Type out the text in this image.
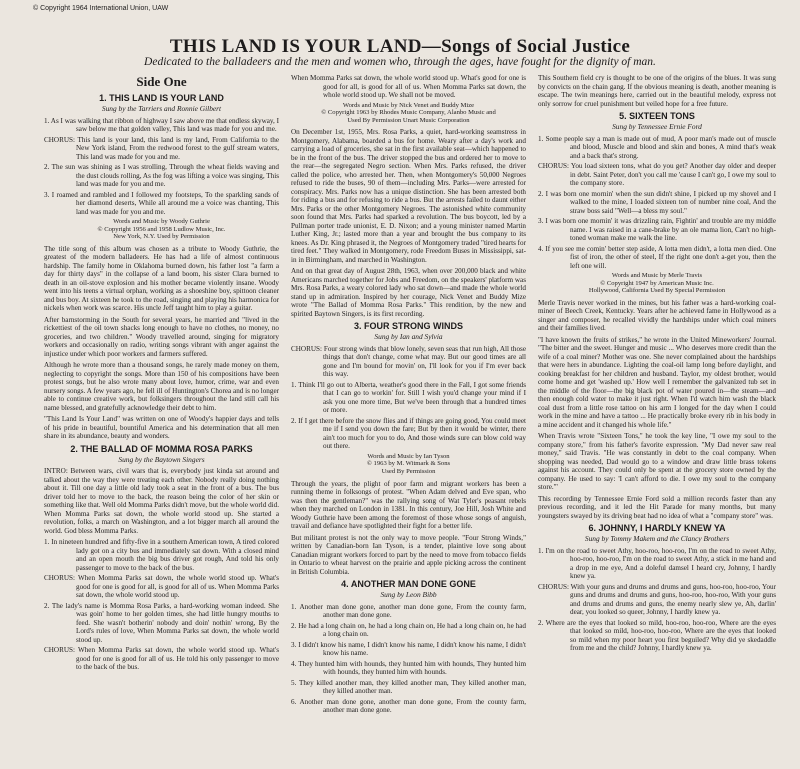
© Copyright 1964 International Union, UAW
THIS LAND IS YOUR LAND—Songs of Social Justice
Dedicated to the balladeers and the men and women who, through the ages, have fought for the dignity of man.
Side One
1. THIS LAND IS YOUR LAND
Sung by the Tarriers and Ronnie Gilbert

1. As I was walking that ribbon of highway I saw above me that endless skyway, I saw below me that golden valley, This land was made for you and me.

CHORUS: This land is your land, this land is my land, From California to the New York island, From the redwood forest to the gulf stream waters, This land was made for you and me.

2. The sun was shining as I was strolling, Through the wheat fields waving and the dust clouds rolling, As the fog was lifting a voice was singing, This land was made for you and me.

3. I roamed and rambled and I followed my footsteps, To the sparkling sands of her diamond deserts, While all around me a voice was chanting, This land was made for you and me.

Words and Music by Woody Guthrie
© Copyright 1956 and 1958 Ludlow Music, Inc.
New York, N.Y. Used by Permission

The title song of this album was chosen as a tribute to Woody Guthrie, the greatest of the modern balladeers. He has had a life of almost continuous hardship. The family home in Oklahoma burned down, his father lost "a farm a day for thirty days" in the collapse of a land boom, his sister Clara burned to death in an oil-stove explosion and his mother became violently insane. Woody went into his teens a virtual orphan, working as a shoeshine boy, spittoon cleaner and bus boy. At sixteen he took to the road, singing and playing his harmonica for nickels when work was scarce. His uncle Jeff taught him to play a guitar.

After barnstorming in the South for several years, he married and "lived in the rickettiest of the oil town shacks long enough to have no clothes, no money, no groceries, and two children." Woody travelled around, singing for migratory workers and occasionally on radio, writing songs vibrant with anger against the injustice under which poor workers and farmers suffered.

Although he wrote more than a thousand songs, he rarely made money on them, neglecting to copyright the songs. More than 150 of his compositions have been protest songs, but he also wrote many about love, humor, crime, war and even nursery songs. A few years ago, he fell ill of Huntington's Chorea and is no longer able to continue creative work, but folksingers throughout the land still call his name blessed, and gratefully acknowledge their debt to him.

"This Land Is Your Land" was written on one of Woody's happier days and tells of his pride in beautiful, bountiful America and his determination that all men share in its abundance, beauty and wonders.

2. THE BALLAD OF MOMMA ROSA PARKS
Sung by the Baytown Singers

INTRO: Between wars, civil wars that is, everybody just kinda sat around and talked about the way they were treating each other. Nobody really doing nothing about it. Till one day a little old lady took a seat in the front of a bus. The bus driver told her to move to the back, the reason being the color of her skin or something like that. Well old Momma Parks didn't move, but the whole world did. When Momma Parks sat down, the whole world stood up. She started a revolution, folks, a march on Washington, and a lot bigger march all around the world. God bless Momma Parks.

1. In nineteen hundred and fifty-five in a southern American town, A tired colored lady got on a city bus and immediately sat down. With a closed mind and an open mouth the big bus driver got rough, And told his only passenger to move to the back of the bus.

CHORUS: When Momma Parks sat down, the whole world stood up. What's good for one is good for all, is good for all of us. When Momma Parks sat down, the whole world stood up.

2. The lady's name is Momma Rosa Parks, a hard-working woman indeed. She was goin' home to her golden times, she had little hungry mouths to feed. She wasn't botherin' nobody and doin' nothin' wrong, By the Lord's rules of love, When Momma Parks sat down, the whole world stood up.

CHORUS: When Momma Parks sat down, the whole world stood up. What's good for one is good for all of us. He told his only passenger to move to the back of the bus.

When Momma Parks sat down, the whole world stood up. What's good for one is good for all, is good for all of us. When Momma Parks sat down, the whole world stood up. We shall not be moved.

Words and Music by Nick Venet and Buddy Mize
© Copyright 1963 by Rhodes Music Company, Alanbo Music and
Used By Permission Unart Music Corporation

On December 1st, 1955, Mrs. Rosa Parks, a quiet, hard-working seamstress in Montgomery, Alabama, boarded a bus for home. Weary after a day's work and carrying a load of groceries, she sat in the first available seat—which happened to be in the front of the bus. The driver stopped the bus and ordered her to move to the rear—the segregated Negro section. When Mrs. Parks refused, the driver called the police, who arrested her. Then, when Montgomery's 50,000 Negroes refused to ride the buses, 90 of them—including Mrs. Parks—were arrested for conspiracy. Mrs. Parks now has a unique distinction. She has been arrested both for riding a bus and for refusing to ride a bus. But the arrests failed to daunt either Mrs. Parks or the other Montgomery Negroes. The astonished white community soon found that Mrs. Parks had sparked a revolution. The bus boycott, led by a Pullman porter trade unionist, E. D. Nixon; and a young minister named Martin Luther King, Jr.; lasted more than a year and brought the bus company to its knees. As Dr. King phrased it, the Negroes of Montgomery traded "tired hearts for tired feet." They walked in Montgomery, rode Freedom Buses in Mississippi, sat-in in Birmingham, and marched in Washington.

And on that great day of August 28th, 1963, when over 200,000 black and white Americans marched together for Jobs and Freedom, on the speakers' platform was Mrs. Rosa Parks, a weary colored lady who sat down—and made the whole world stand up in admiration. Inspired by her courage, Nick Venet and Buddy Mize wrote "The Ballad of Momma Rosa Parks." This rendition, by the new and spirited Baytown Singers, is its first recording.

3. FOUR STRONG WINDS
Sung by Ian and Sylvia

CHORUS: Four strong winds that blow lonely, seven seas that run high, All those things that don't change, come what may. But our good times are all gone and I'm bound for movin' on, I'll look for you if I'm ever back this way.

1. Think I'll go out to Alberta, weather's good there in the Fall, I got some friends that I can go to workin' for. Still I wish you'd change your mind if I ask you one more time, But we've been through that a hundred times or more.

2. If I get there before the snow flies and if things are going good, You could meet me if I send you down the fare; But by then it would be winter, there ain't too much for you to do, And those winds sure can blow cold way out there.

Words and Music by Ian Tyson
© 1963 by M. Witmark & Sons
Used By Permission

Through the years, the plight of poor farm and migrant workers has been a running theme in folksongs of protest. "When Adam delved and Eve span, who was then the gentleman?" was the rallying song of Wat Tyler's peasant rebels when they marched on London in 1381. In this century, Joe Hill, Josh White and Woody Guthrie have been among the foremost of those whose songs of anguish, travail and defiance have spotlighted their fight for a better life.

But militant protest is not the only way to move people. "Four Strong Winds," written by Canadian-born Ian Tyson, is a tender, plaintive love song about Canadian migrant workers forced to part by the need to move from tobacco fields in Ontario to wheat harvest on the prairie and apple picking across the continent in British Columbia.

4. ANOTHER MAN DONE GONE
Sung by Leon Bibb

1. Another man done gone, another man done gone, From the county farm, another man done gone.

2. He had a long chain on, he had a long chain on, He had a long chain on, he had a long chain on.

3. I didn't know his name, I didn't know his name, I didn't know his name, I didn't know his name.

4. They hunted him with hounds, they hunted him with hounds, They hunted him with hounds, they hunted him with hounds.

5. They killed another man, they killed another man, They killed another man, they killed another man.

6. Another man done gone, another man done gone, From the county farm, another man done gone.

This Southern field cry is thought to be one of the origins of the blues. It was sung by convicts on the chain gang. If the obvious meaning is death, another meaning is escape. The twin meanings here, carried out in the beautiful melody, express not only sorrow for cruel punishment but veiled hope for a free future.

5. SIXTEEN TONS
Sung by Tennessee Ernie Ford

1. Some people say a man is made out of mud, A poor man's made out of muscle and blood, Muscle and blood and skin and bones, A mind that's weak and a back that's strong.

CHORUS: You load sixteen tons, what do you get? Another day older and deeper in debt. Saint Peter, don't you call me 'cause I can't go, I owe my soul to the company store.

2. I was born one mornin' when the sun didn't shine, I picked up my shovel and I walked to the mine, I loaded sixteen ton of number nine coal, And the straw boss said "Well—a bless my soul."

3. I was born one mornin' it was drizzling rain, Fightin' and trouble are my middle name. I was raised in a cane-brake by an ole mama lion, Can't no high-toned woman make me walk the line.

4. If you see me comin' better step aside, A lotta men didn't, a lotta men died. One fist of iron, the other of steel, If the right one don't a-get you, then the left one will.

Words and Music by Merle Travis
© Copyright 1947 by American Music Inc.
Hollywood, California Used By Special Permission

Merle Travis never worked in the mines, but his father was a hard-working coal-miner of Beech Creek, Kentucky. Years after he achieved fame in Hollywood as a singer and composer, he recalled vividly the hardships under which coal miners and their families lived.

"I have known the fruits of strikes," he wrote in the United Mineworkers' Journal. "The bitter and the sweet. Hunger and music ... Who deserves more credit than the wife of a coal miner? Mother was one. She never complained about the hardships that were hers in abundance. Lighting the coal-oil lamp long before daylight, and cooking breakfast for her children and husband. Taylor, my oldest brother, would come home and get 'washed up.' How well I remember the galvanized tub set in the middle of the floor—the big black pot of water poured in—the steam—and then enough cold water to make it just right. When I'd watch him wash the black coal dust from a little rose tattoo on his arm I longed for the day when I could work in the mine and have a tattoo ... He practically broke every rib in his body in a mine accident and it changed his whole life."

When Travis wrote "Sixteen Tons," he took the key line, "I owe my soul to the company store," from his father's favorite expression. "My Dad never saw real money," said Travis. "He was constantly in debt to the coal company. When shopping was needed, Dad would go to a window and draw little brass tokens against his account. They could only be spent at the grocery store owned by the company. He used to say: 'I can't afford to die. I owe my soul to the company store.'"

This recording by Tennessee Ernie Ford sold a million records faster than any previous recording, and it led the Hit Parade for many months, but many youngsters swayed by its driving beat had no idea of what a "company store" was.

6. JOHNNY, I HARDLY KNEW YA
Sung by Tommy Makem and the Clancy Brothers

1. I'm on the road to sweet Athy, hoo-roo, hoo-roo, I'm on the road to sweet Athy, hoo-roo, hoo-roo, I'm on the road to sweet Athy, a stick in me hand and a drop in me eye, And a doleful damsel I heard cry, Johnny, I hardly knew ya.

CHORUS: With your guns and drums and drums and guns, hoo-roo, hoo-roo, Your guns and drums and drums and guns, hoo-roo, hoo-roo, With your guns and drums and drums and guns, the enemy nearly slew ye, Ah, darlin' dear, you looked so queer, Johnny, I hardly knew ya.

2. Where are the eyes that looked so mild, hoo-roo, hoo-roo, Where are the eyes that looked so mild, hoo-roo, hoo-roo, Where are the eyes that looked so mild when my poor heart you first beguiled? Why did ye skedaddle from me and the child? Johnny, I hardly knew ya.
